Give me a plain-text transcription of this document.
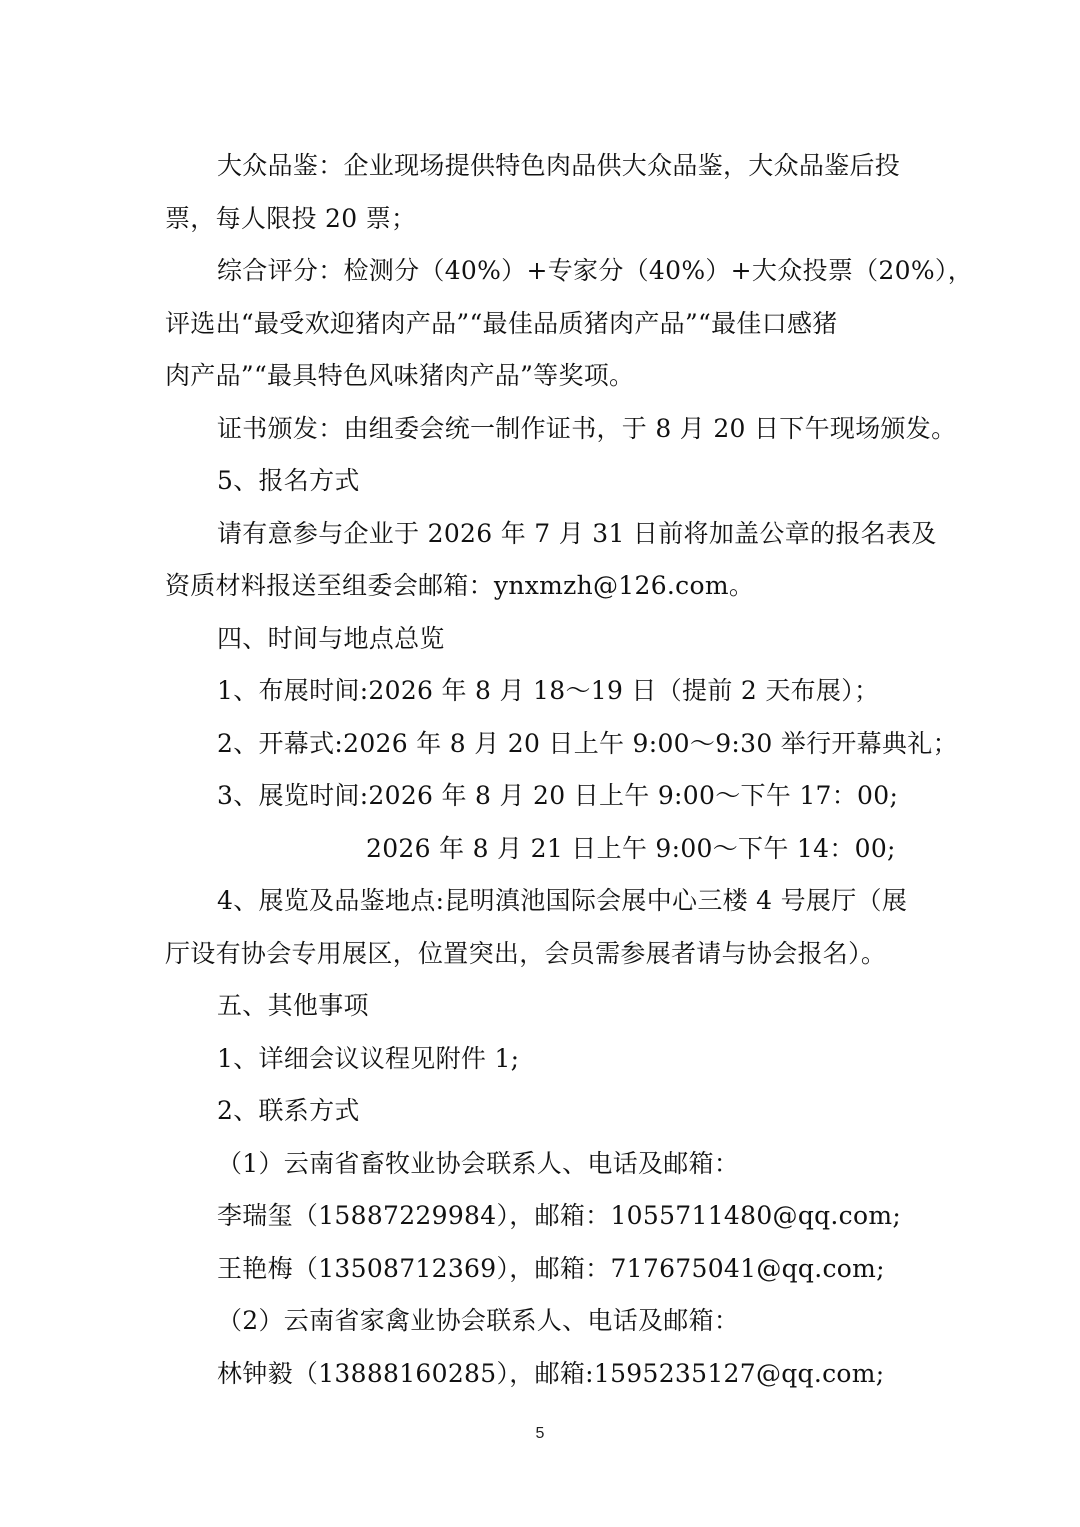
大众品鉴：企业现场提供特色肉品供大众品鉴，大众品鉴后投
票，每人限投 20 票；
综合评分：检测分（40%）+专家分（40%）+大众投票（20%），
评选出“最受欢迎猪肉产品”“最佳品质猪肉产品”“最佳口感猪
肉产品”“最具特色风味猪肉产品”等奖项。
证书颁发：由组委会统一制作证书，于 8 月 20 日下午现场颁发。
5、报名方式
请有意参与企业于 2026 年 7 月 31 日前将加盖公章的报名表及
资质材料报送至组委会邮箱：ynxmzh@126.com。
四、时间与地点总览
1、布展时间:2026 年 8 月 18～19 日（提前 2 天布展）；
2、开幕式:2026 年 8 月 20 日上午 9:00～9:30 举行开幕典礼；
3、展览时间:2026 年 8 月 20 日上午 9:00～下午 17：00;
2026 年 8 月 21 日上午 9:00～下午 14：00;
4、展览及品鉴地点:昆明滇池国际会展中心三楼 4 号展厅（展
厅设有协会专用展区，位置突出，会员需参展者请与协会报名）。
五、其他事项
1、详细会议议程见附件 1;
2、联系方式
（1）云南省畜牧业协会联系人、电话及邮箱：
李瑞玺（15887229984），邮箱：1055711480@qq.com;
王艳梅（13508712369），邮箱：717675041@qq.com;
（2）云南省家禽业协会联系人、电话及邮箱：
林钟毅（13888160285），邮箱:1595235127@qq.com;
5
